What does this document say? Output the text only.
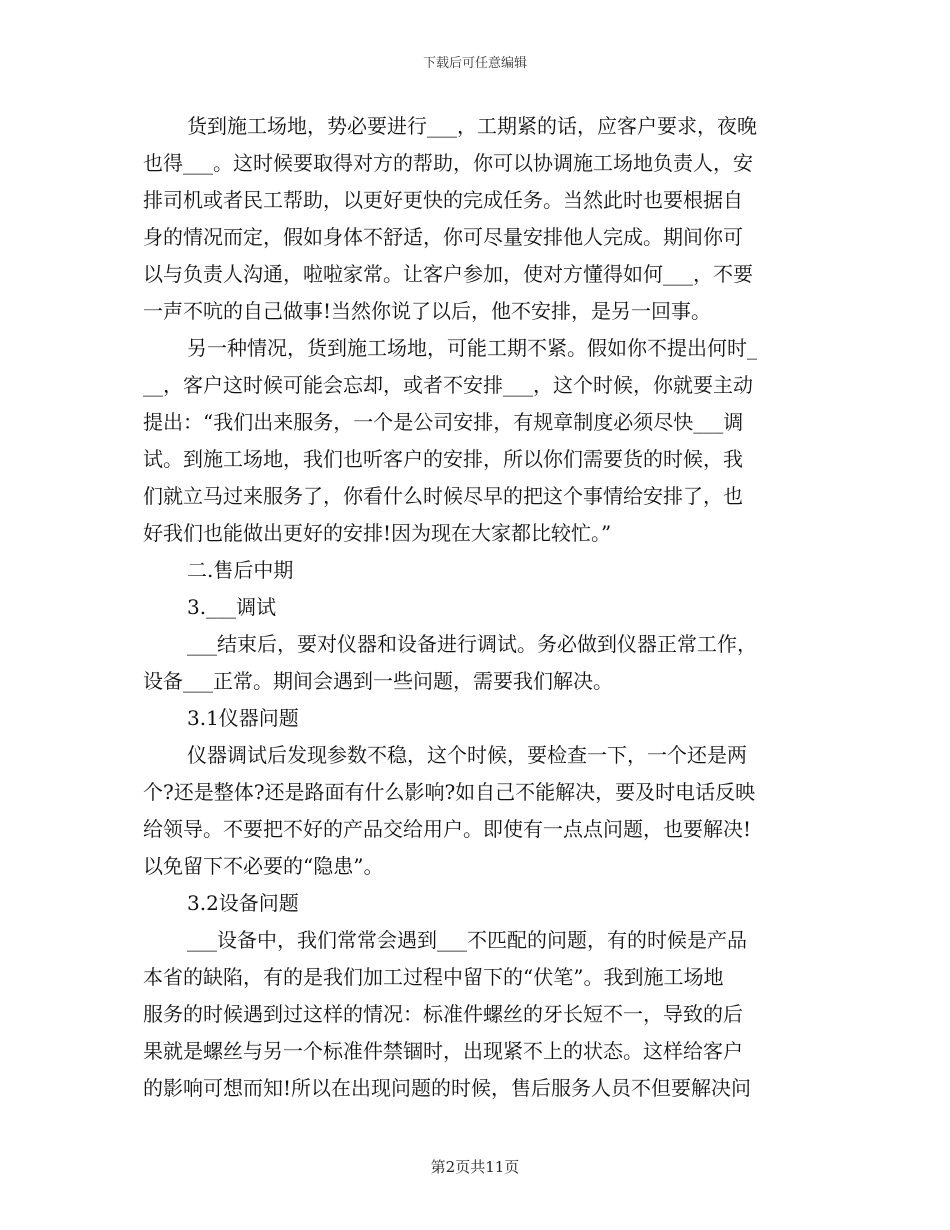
下载后可任意编辑
货到施工场地，势必要进行___，工期紧的话，应客户要求，夜晚
也得___。这时候要取得对方的帮助，你可以协调施工场地负责人，安
排司机或者民工帮助，以更好更快的完成任务。当然此时也要根据自
身的情况而定，假如身体不舒适，你可尽量安排他人完成。期间你可
以与负责人沟通，啦啦家常。让客户参加，使对方懂得如何___，不要
一声不吭的自己做事!当然你说了以后，他不安排，是另一回事。
另一种情况，货到施工场地，可能工期不紧。假如你不提出何时_
__，客户这时候可能会忘却，或者不安排___，这个时候，你就要主动
提出：“我们出来服务，一个是公司安排，有规章制度必须尽快___调
试。到施工场地，我们也听客户的安排，所以你们需要货的时候，我
们就立马过来服务了，你看什么时候尽早的把这个事情给安排了，也
好我们也能做出更好的安排!因为现在大家都比较忙。”
二.售后中期
3.___调试
___结束后，要对仪器和设备进行调试。务必做到仪器正常工作，
设备___正常。期间会遇到一些问题，需要我们解决。
3.1仪器问题
仪器调试后发现参数不稳，这个时候，要检查一下，一个还是两
个?还是整体?还是路面有什么影响?如自己不能解决，要及时电话反映
给领导。不要把不好的产品交给用户。即使有一点点问题，也要解决!
以免留下不必要的“隐患”。
3.2设备问题
___设备中，我们常常会遇到___不匹配的问题，有的时候是产品
本省的缺陷，有的是我们加工过程中留下的“伏笔”。我到施工场地
服务的时候遇到过这样的情况：标准件螺丝的牙长短不一，导致的后
果就是螺丝与另一个标准件禁锢时，出现紧不上的状态。这样给客户
的影响可想而知!所以在出现问题的时候，售后服务人员不但要解决问
第2页共11页
